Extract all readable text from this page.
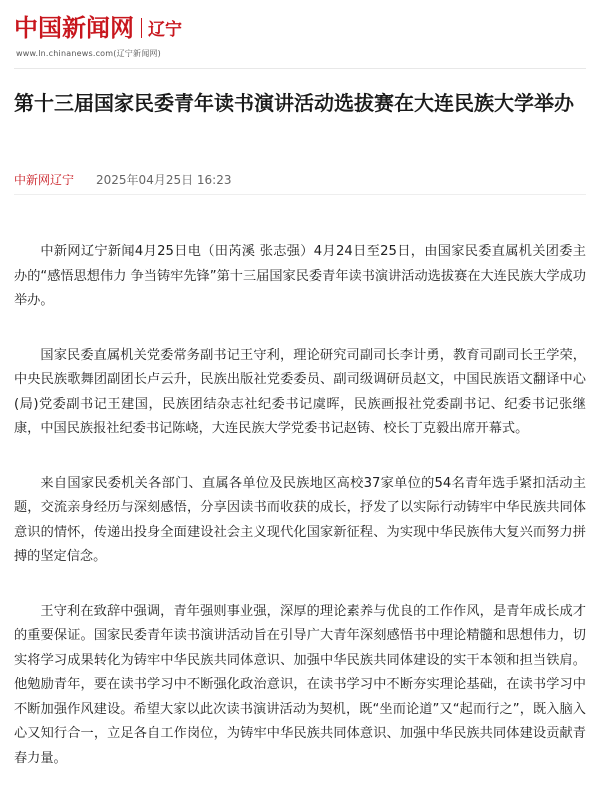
中国新闻网 辽宁
www.ln.chinanews.com(辽宁新闻网)
第十三届国家民委青年读书演讲活动选拔赛在大连民族大学举办
中新网辽宁 2025年04月25日 16:23

中新网辽宁新闻4月25日电（田芮溪 张志强）4月24日至25日，由国家民委直属机关团委主办的“感悟思想伟力 争当铸牢先锋”第十三届国家民委青年读书演讲活动选拔赛在大连民族大学成功举办。

国家民委直属机关党委常务副书记王守利，理论研究司副司长李计勇，教育司副司长王学荣，中央民族歌舞团副团长卢云升，民族出版社党委委员、副司级调研员赵文，中国民族语文翻译中心(局)党委副书记王建国，民族团结杂志社纪委书记虞晖，民族画报社党委副书记、纪委书记张继康，中国民族报社纪委书记陈峣，大连民族大学党委书记赵铸、校长丁克毅出席开幕式。

来自国家民委机关各部门、直属各单位及民族地区高校37家单位的54名青年选手紧扣活动主题，交流亲身经历与深刻感悟，分享因读书而收获的成长，抒发了以实际行动铸牢中华民族共同体意识的情怀，传递出投身全面建设社会主义现代化国家新征程、为实现中华民族伟大复兴而努力拼搏的坚定信念。

王守利在致辞中强调，青年强则事业强，深厚的理论素养与优良的工作作风，是青年成长成才的重要保证。国家民委青年读书演讲活动旨在引导广大青年深刻感悟书中理论精髓和思想伟力，切实将学习成果转化为铸牢中华民族共同体意识、加强中华民族共同体建设的实干本领和担当铁肩。他勉励青年，要在读书学习中不断强化政治意识，在读书学习中不断夯实理论基础，在读书学习中不断加强作风建设。希望大家以此次读书演讲活动为契机，既“坐而论道”又“起而行之”，既入脑入心又知行合一，立足各自工作岗位，为铸牢中华民族共同体意识、加强中华民族共同体建设贡献青春力量。
